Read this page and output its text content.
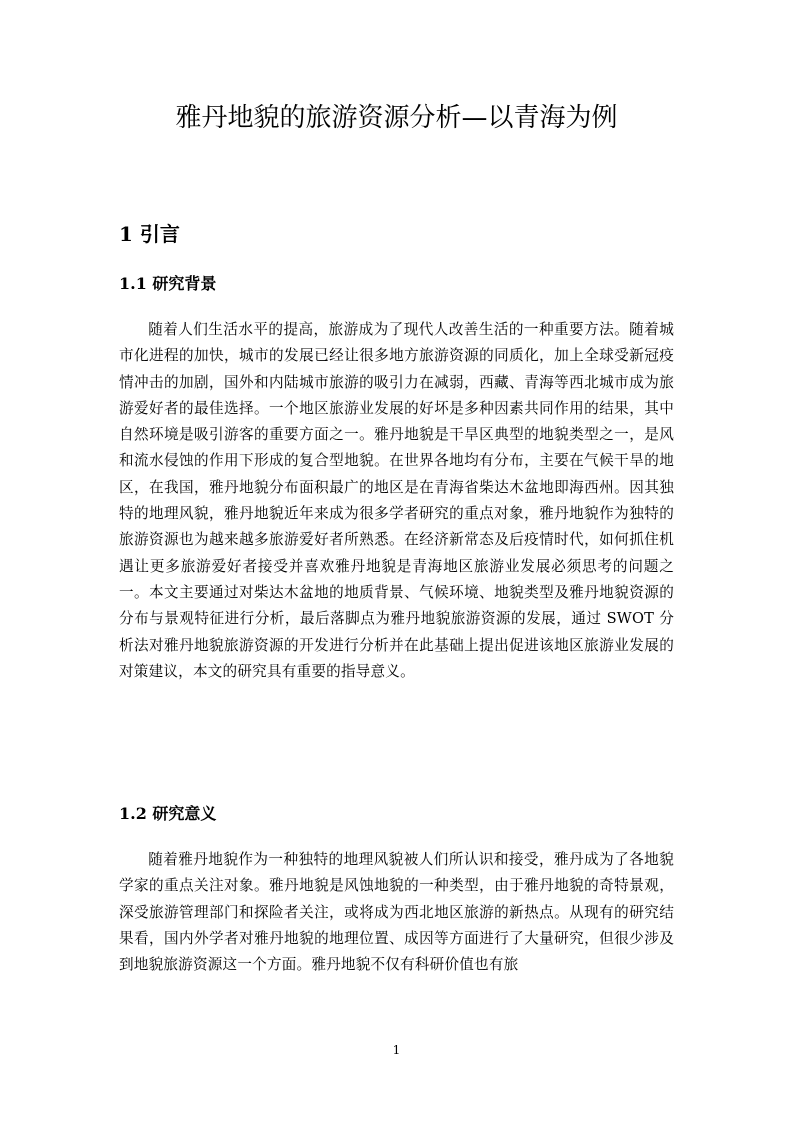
雅丹地貌的旅游资源分析—以青海为例
1 引言
1.1 研究背景

随着人们生活水平的提高，旅游成为了现代人改善生活的一种重要方法。随着城市化进程的加快，城市的发展已经让很多地方旅游资源的同质化，加上全球受新冠疫情冲击的加剧，国外和内陆城市旅游的吸引力在减弱，西藏、青海等西北城市成为旅游爱好者的最佳选择。一个地区旅游业发展的好坏是多种因素共同作用的结果，其中自然环境是吸引游客的重要方面之一。雅丹地貌是干旱区典型的地貌类型之一，是风和流水侵蚀的作用下形成的复合型地貌。在世界各地均有分布，主要在气候干旱的地区，在我国，雅丹地貌分布面积最广的地区是在青海省柴达木盆地即海西州。因其独特的地理风貌，雅丹地貌近年来成为很多学者研究的重点对象，雅丹地貌作为独特的旅游资源也为越来越多旅游爱好者所熟悉。在经济新常态及后疫情时代，如何抓住机遇让更多旅游爱好者接受并喜欢雅丹地貌是青海地区旅游业发展必须思考的问题之一。本文主要通过对柴达木盆地的地质背景、气候环境、地貌类型及雅丹地貌资源的分布与景观特征进行分析，最后落脚点为雅丹地貌旅游资源的发展，通过 SWOT 分析法对雅丹地貌旅游资源的开发进行分析并在此基础上提出促进该地区旅游业发展的对策建议，本文的研究具有重要的指导意义。

1.2 研究意义

随着雅丹地貌作为一种独特的地理风貌被人们所认识和接受，雅丹成为了各地貌学家的重点关注对象。雅丹地貌是风蚀地貌的一种类型，由于雅丹地貌的奇特景观，深受旅游管理部门和探险者关注，或将成为西北地区旅游的新热点。从现有的研究结果看，国内外学者对雅丹地貌的地理位置、成因等方面进行了大量研究，但很少涉及到地貌旅游资源这一个方面。雅丹地貌不仅有科研价值也有旅

1
